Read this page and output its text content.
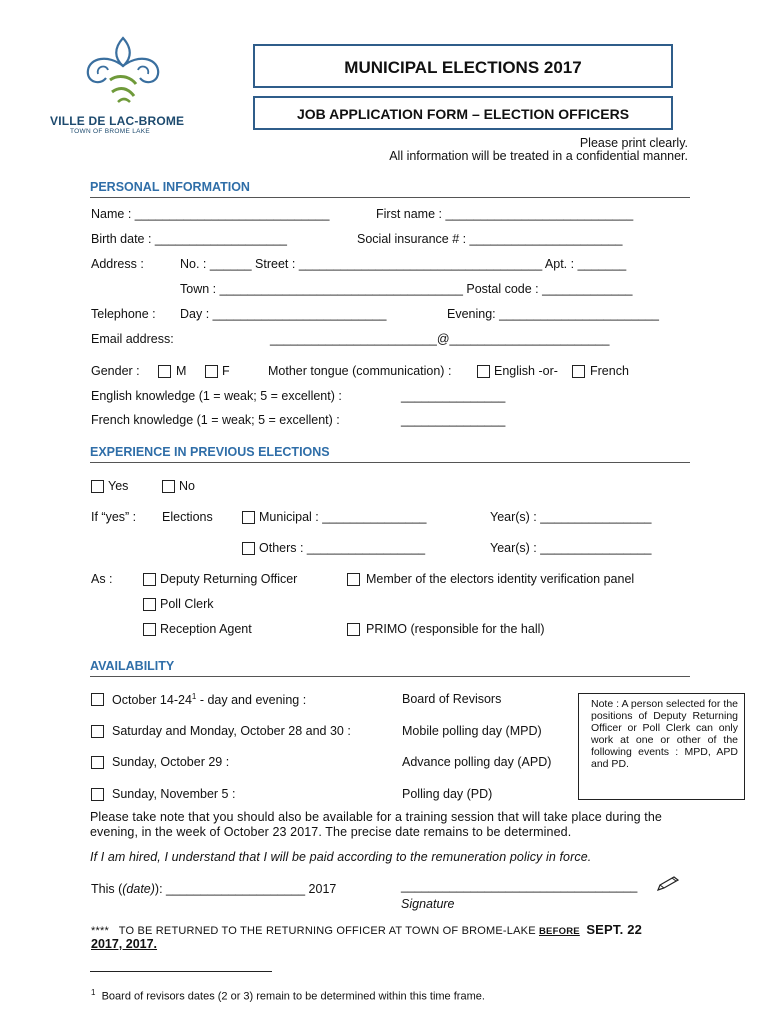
VILLE DE LAC-BROME
TOWN OF BROME LAKE
MUNICIPAL ELECTIONS 2017
JOB APPLICATION FORM – ELECTION OFFICERS
Please print clearly.
All information will be treated in a confidential manner.
PERSONAL INFORMATION
Name : ____________________________	First name : ___________________________
Birth date : ___________________	Social insurance # : ______________________
Address :	No. : ______ Street : ___________________________________ Apt. : _______
Town : ___________________________________ Postal code : _____________
Telephone : Day : _________________________	Evening: _______________________
Email address:	________________________@_______________________
Gender :	M	F	Mother tongue (communication) :	English -or-	French
English knowledge (1 = weak; 5 = excellent) :	_______________
French knowledge (1 = weak; 5 = excellent) :	_______________
EXPERIENCE IN PREVIOUS ELECTIONS
Yes	No
If “yes” : Elections	Municipal : _______________	Year(s) : ________________
Others : _________________	Year(s) : ________________
As :	Deputy Returning Officer	Member of the electors identity verification panel
Poll Clerk
Reception Agent	PRIMO (responsible for the hall)
AVAILABILITY
October $14-24^1$ - day and evening :	Board of Revisors
Saturday and Monday, October 28 and 30 :	Mobile polling day (MPD)
Sunday, October 29 :	Advance polling day (APD)
Sunday, November 5 :	Polling day (PD)
Note : A person selected for the positions of Deputy Returning Officer or Poll Clerk can only work at one or other of the following events : MPD, APD and PD.
Please take note that you should also be available for a training session that will take place during the evening, in the week of October 23 2017. The precise date remains to be determined.
If I am hired, I understand that I will be paid according to the remuneration policy in force.
This ((date)): ____________________ 2017	__________________________________
Signature
**** TO BE RETURNED TO THE RETURNING OFFICER AT TOWN OF BROME-LAKE BEFORE SEPT. 22
2017, 2017.
$^1$ Board of revisors dates (2 or 3) remain to be determined within this time frame.
